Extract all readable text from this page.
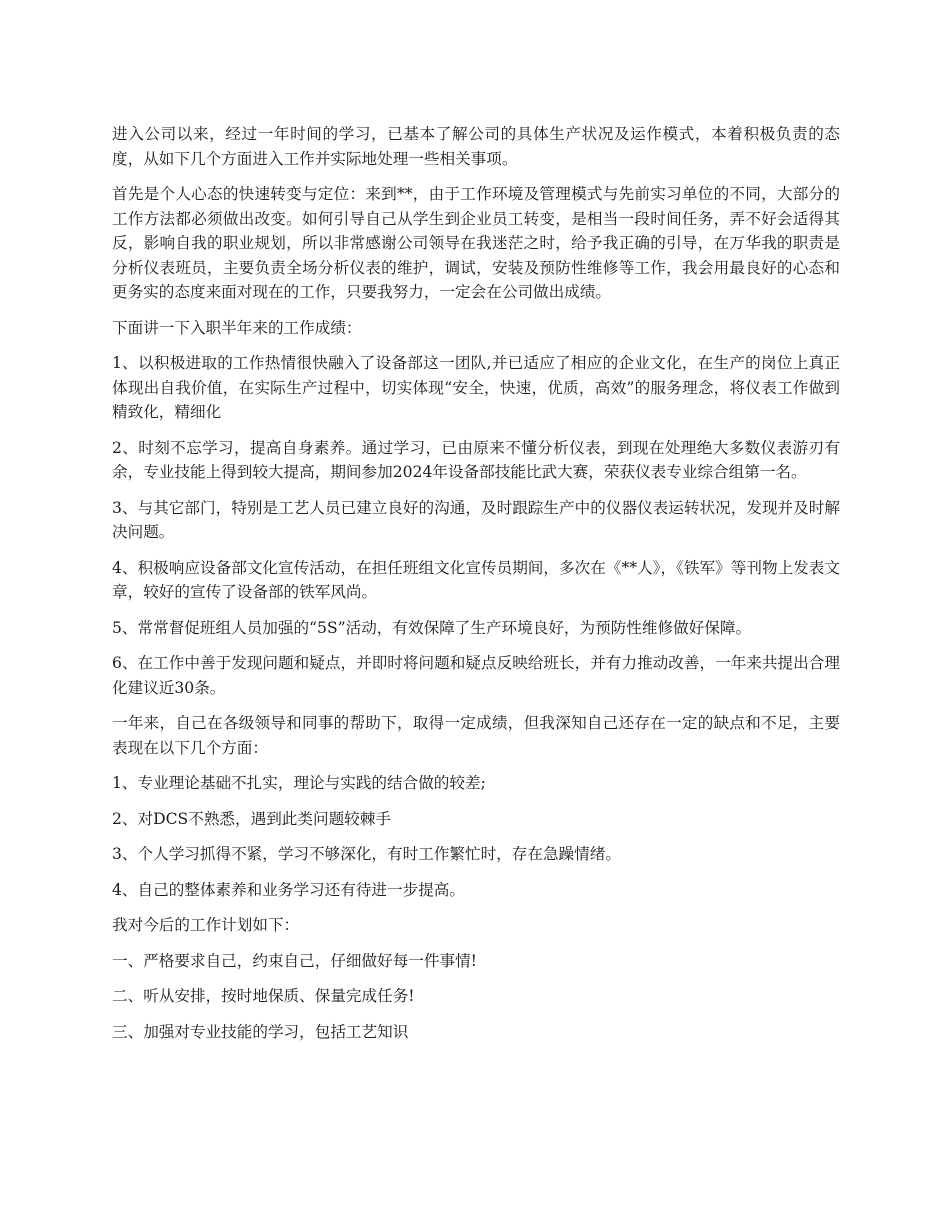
进入公司以来，经过一年时间的学习，已基本了解公司的具体生产状况及运作模式，本着积极负责的态度，从如下几个方面进入工作并实际地处理一些相关事项。

首先是个人心态的快速转变与定位：来到**，由于工作环境及管理模式与先前实习单位的不同，大部分的工作方法都必须做出改变。如何引导自己从学生到企业员工转变，是相当一段时间任务，弄不好会适得其反，影响自我的职业规划，所以非常感谢公司领导在我迷茫之时，给予我正确的引导，在万华我的职责是分析仪表班员，主要负责全场分析仪表的维护，调试，安装及预防性维修等工作，我会用最良好的心态和更务实的态度来面对现在的工作，只要我努力，一定会在公司做出成绩。

下面讲一下入职半年来的工作成绩：

1、以积极进取的工作热情很快融入了设备部这一团队,并已适应了相应的企业文化，在生产的岗位上真正体现出自我价值，在实际生产过程中，切实体现“安全，快速，优质，高效”的服务理念，将仪表工作做到精致化，精细化

2、时刻不忘学习，提高自身素养。通过学习，已由原来不懂分析仪表，到现在处理绝大多数仪表游刃有余，专业技能上得到较大提高，期间参加2024年设备部技能比武大赛，荣获仪表专业综合组第一名。

3、与其它部门，特别是工艺人员已建立良好的沟通，及时跟踪生产中的仪器仪表运转状况，发现并及时解决问题。

4、积极响应设备部文化宣传活动，在担任班组文化宣传员期间，多次在《**人》，《铁军》等刊物上发表文章，较好的宣传了设备部的铁军风尚。

5、常常督促班组人员加强的“5S”活动，有效保障了生产环境良好，为预防性维修做好保障。

6、在工作中善于发现问题和疑点，并即时将问题和疑点反映给班长，并有力推动改善，一年来共提出合理化建议近30条。

一年来，自己在各级领导和同事的帮助下，取得一定成绩，但我深知自己还存在一定的缺点和不足，主要表现在以下几个方面：

1、专业理论基础不扎实，理论与实践的结合做的较差;

2、对DCS不熟悉，遇到此类问题较棘手

3、个人学习抓得不紧，学习不够深化，有时工作繁忙时，存在急躁情绪。

4、自己的整体素养和业务学习还有待进一步提高。

我对今后的工作计划如下：

一、严格要求自己，约束自己，仔细做好每一件事情!

二、听从安排，按时地保质、保量完成任务!

三、加强对专业技能的学习，包括工艺知识
